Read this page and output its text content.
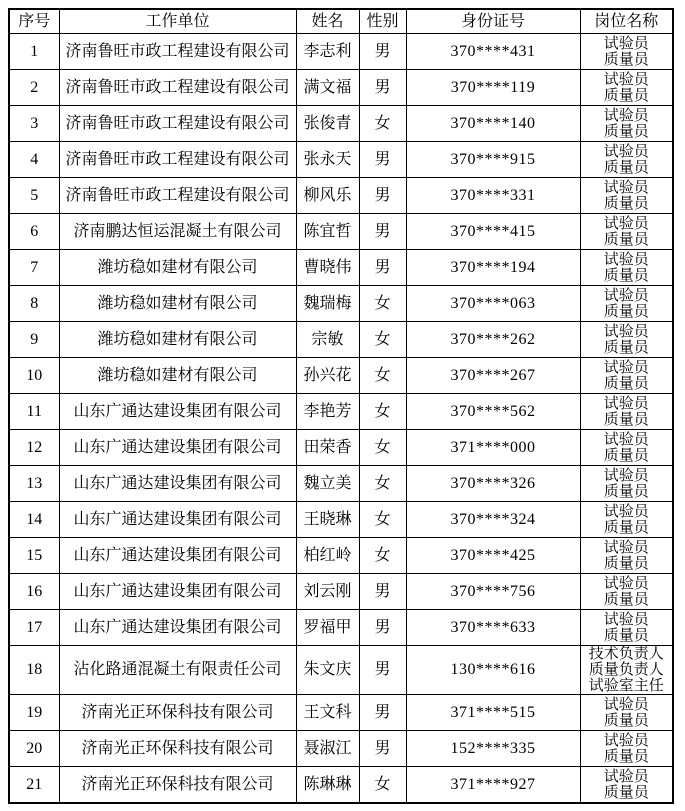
序号	工作单位	姓名	性别	身份证号	岗位名称
1	济南鲁旺市政工程建设有限公司	李志利	男	370****431	试验员
质量员

2	济南鲁旺市政工程建设有限公司	满文福	男	370****119	试验员
质量员

3	济南鲁旺市政工程建设有限公司	张俊青	女	370****140	试验员
质量员

4	济南鲁旺市政工程建设有限公司	张永天	男	370****915	试验员
质量员

5	济南鲁旺市政工程建设有限公司	柳风乐	男	370****331	试验员
质量员

6	济南鹏达恒运混凝土有限公司	陈宜哲	男	370****415	试验员
质量员

7	潍坊稳如建材有限公司	曹晓伟	男	370****194	试验员
质量员

8	潍坊稳如建材有限公司	魏瑞梅	女	370****063	试验员
质量员

9	潍坊稳如建材有限公司	宗敏	女	370****262	试验员
质量员

10	潍坊稳如建材有限公司	孙兴花	女	370****267	试验员
质量员

11	山东广通达建设集团有限公司	李艳芳	女	370****562	试验员
质量员

12	山东广通达建设集团有限公司	田荣香	女	371****000	试验员
质量员

13	山东广通达建设集团有限公司	魏立美	女	370****326	试验员
质量员

14	山东广通达建设集团有限公司	王晓琳	女	370****324	试验员
质量员

15	山东广通达建设集团有限公司	柏红岭	女	370****425	试验员
质量员

16	山东广通达建设集团有限公司	刘云刚	男	370****756	试验员
质量员

17	山东广通达建设集团有限公司	罗福甲	男	370****633	试验员
质量员

18	沾化路通混凝土有限责任公司	朱文庆	男	130****616	技术负责人
质量负责人
试验室主任

19	济南光正环保科技有限公司	王文科	男	371****515	试验员
质量员

20	济南光正环保科技有限公司	聂淑江	男	152****335	试验员
质量员

21	济南光正环保科技有限公司	陈琳琳	女	371****927	试验员
质量员
